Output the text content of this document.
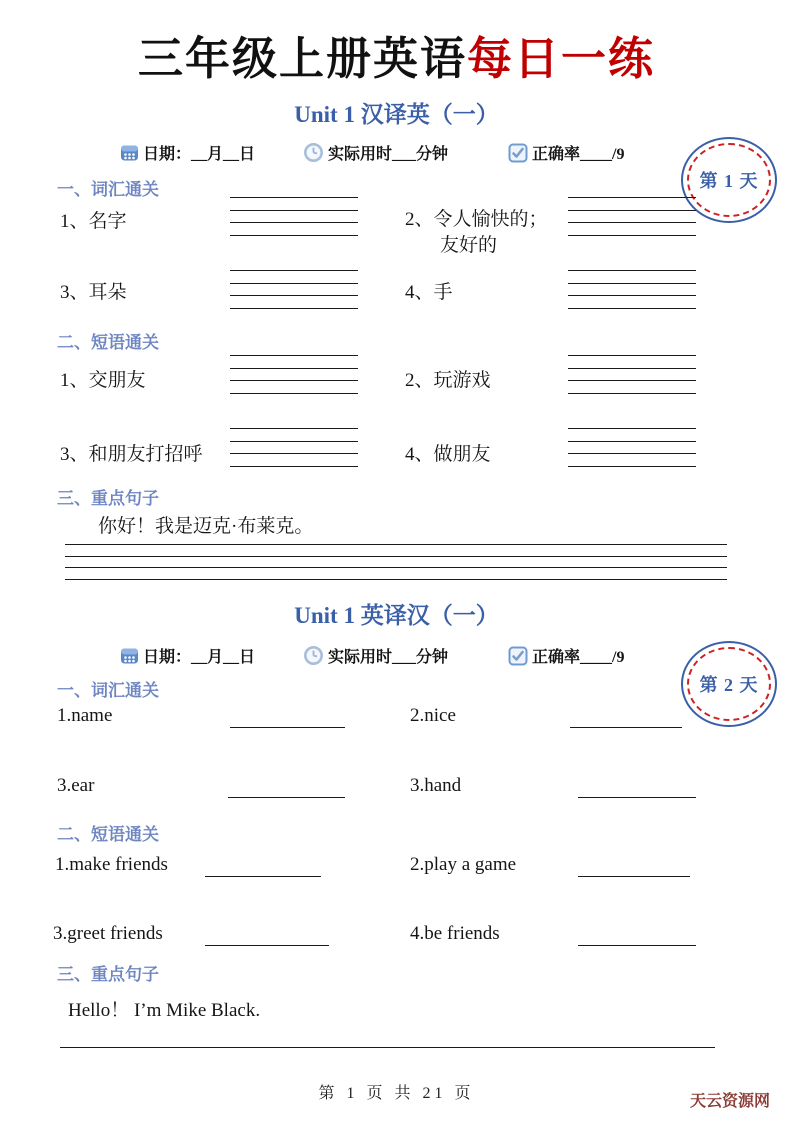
三年级上册英语每日一练
Unit 1 汉译英（一）
日期：__月__日	实际用时___分钟	正确率____/9
第 1 天
一、词汇通关
1、名字	2、令人愉快的；
友好的
3、耳朵	4、手
二、短语通关
1、交朋友	2、玩游戏
3、和朋友打招呼	4、做朋友
三、重点句子
你好！我是迈克·布莱克。
Unit 1 英译汉（一）
日期：__月__日	实际用时___分钟	正确率____/9
第 2 天
一、词汇通关
1.name	2.nice
3.ear	3.hand
二、短语通关
1.make friends	2.play a game
3.greet friends	4.be friends
三、重点句子
Hello！ I’m Mike Black.
第 1 页 共 21 页	天云资源网
